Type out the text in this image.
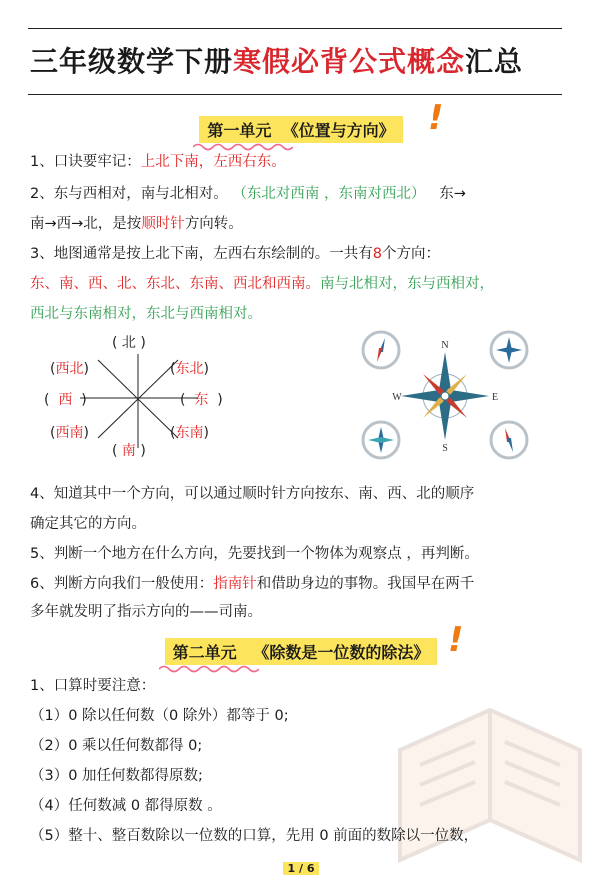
三年级数学下册寒假必背公式概念汇总
第一单元 《位置与方向》 !
1、口诀要牢记：上北下南，左西右东。
2、东与西相对，南与北相对。 （东北对西南 ，东南对西北） 东→
南→西→北，是按顺时针方向转。
3、地图通常是按上北下南，左西右东绘制的。一共有8个方向：
东、南、西、北、东北、东南、西北和西南。南与北相对，东与西相对，
西北与东南相对，东北与西南相对。
( 北 )
(西北)	(东北)
( 西 )	( 东 )
(西南)	(东南)
( 南 )
N
S
W	E
4、知道其中一个方向，可以通过顺时针方向按东、南、西、北的顺序
确定其它的方向。
5、判断一个地方在什么方向，先要找到一个物体为观察点 ，再判断。
6、判断方向我们一般使用：指南针和借助身边的事物。我国早在两千
多年就发明了指示方向的——司南。
第二单元 《除数是一位数的除法》 !
1、口算时要注意：
（1）0 除以任何数（0 除外）都等于 0;
（2）0 乘以任何数都得 0;
（3）0 加任何数都得原数;
（4）任何数减 0 都得原数 。
（5）整十、整百数除以一位数的口算，先用 0 前面的数除以一位数，
1 / 6
